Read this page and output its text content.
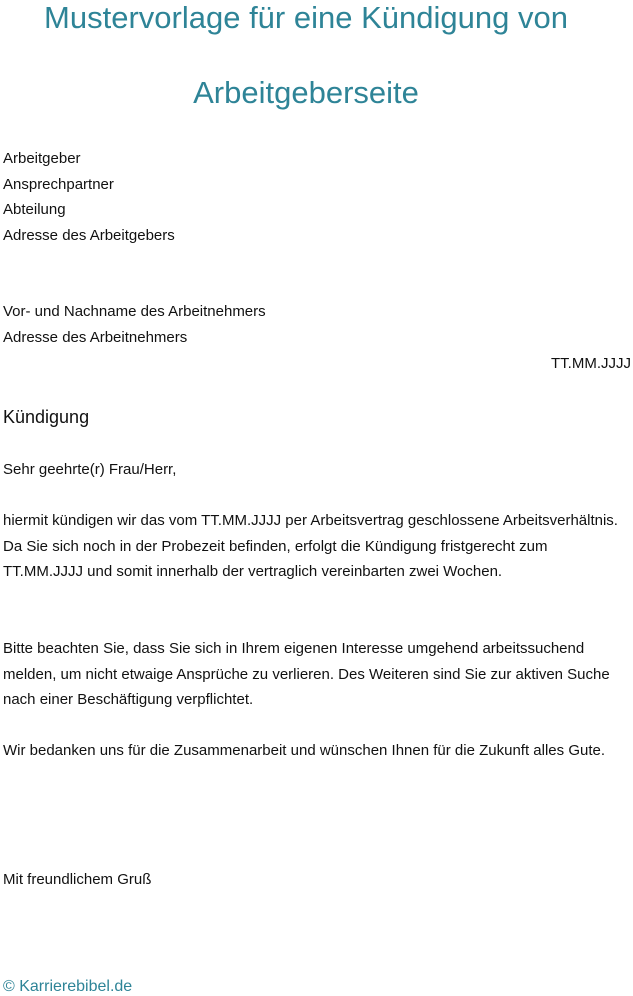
Mustervorlage für eine Kündigung von
Arbeitgeberseite
Arbeitgeber
Ansprechpartner
Abteilung
Adresse des Arbeitgebers
Vor- und Nachname des Arbeitnehmers
Adresse des Arbeitnehmers
TT.MM.JJJJ
Kündigung
Sehr geehrte(r) Frau/Herr,

hiermit kündigen wir das vom TT.MM.JJJJ per Arbeitsvertrag geschlossene Arbeitsverhältnis. Da Sie sich noch in der Probezeit befinden, erfolgt die Kündigung fristgerecht zum TT.MM.JJJJ und somit innerhalb der vertraglich vereinbarten zwei Wochen.

Bitte beachten Sie, dass Sie sich in Ihrem eigenen Interesse umgehend arbeitssuchend melden, um nicht etwaige Ansprüche zu verlieren. Des Weiteren sind Sie zur aktiven Suche nach einer Beschäftigung verpflichtet.

Wir bedanken uns für die Zusammenarbeit und wünschen Ihnen für die Zukunft alles Gute.

Mit freundlichem Gruß
© Karrierebibel.de
